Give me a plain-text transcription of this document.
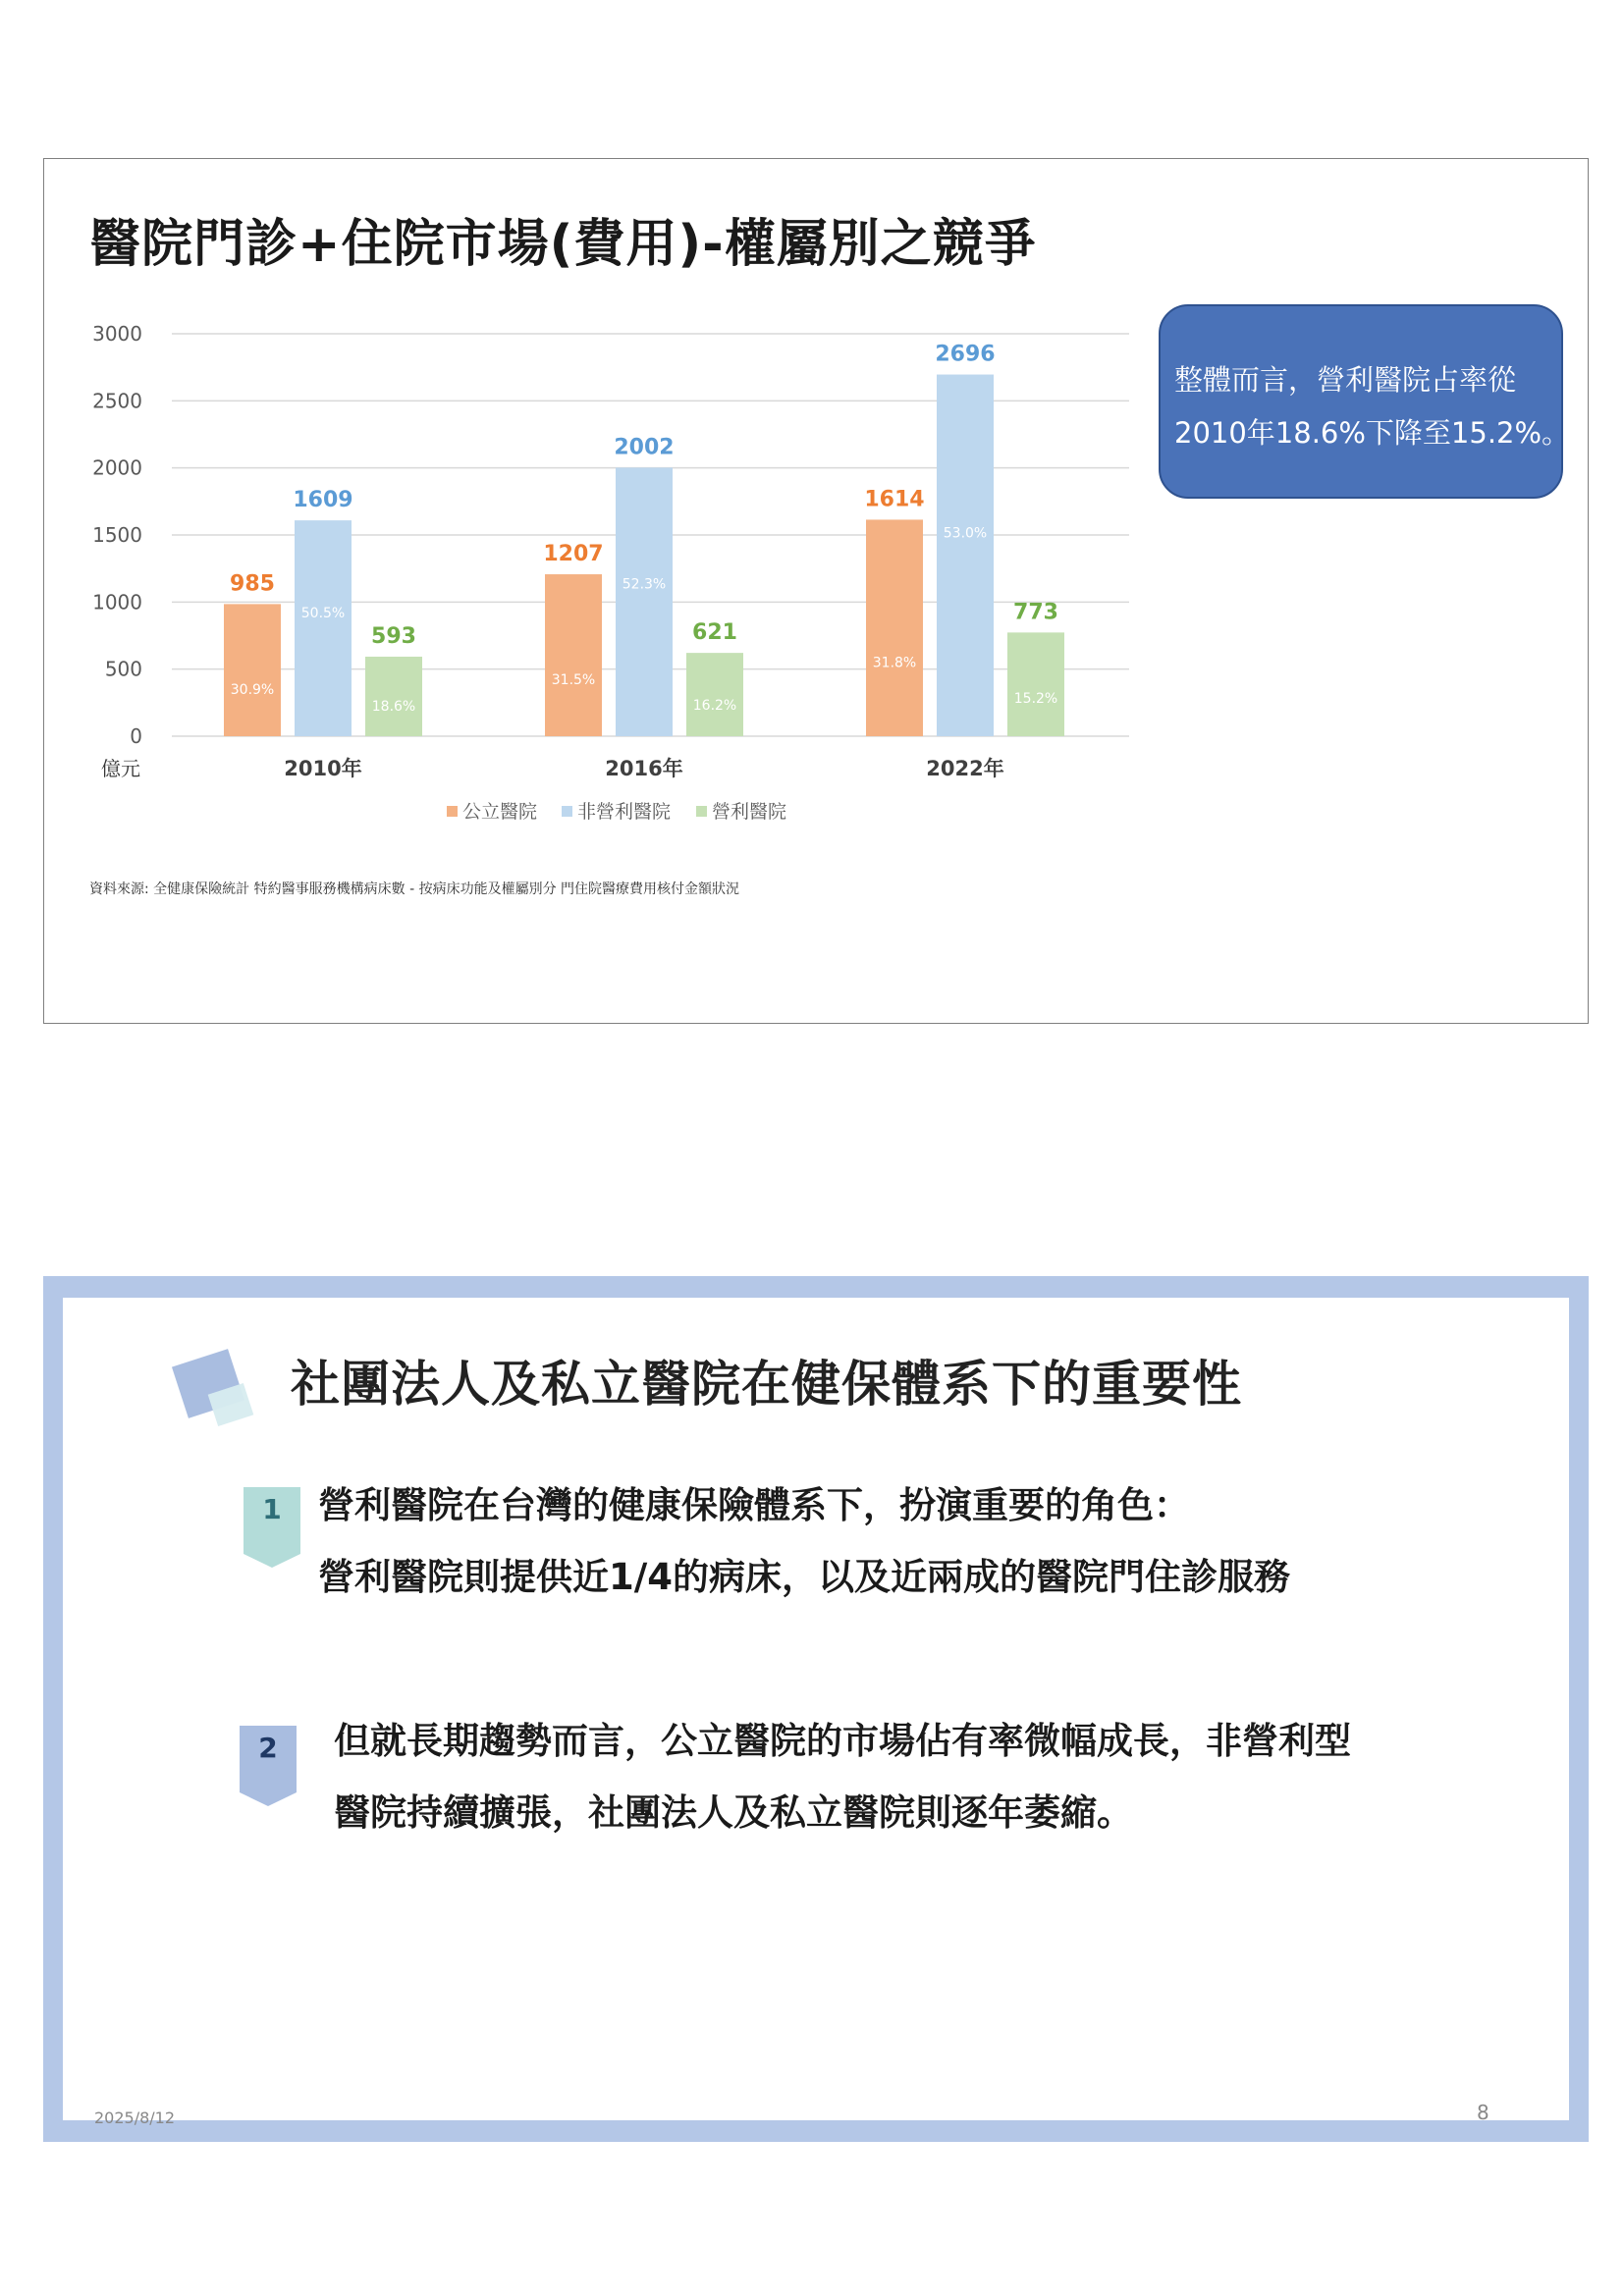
醫院門診+住院市場(費用)-權屬別之競爭
0
500
1000
1500
2000
2500
3000
億元	2010年
985
30.9%
1609
50.5%
593
18.6%
2016年
1207
31.5%
2002
52.3%
621
16.2%
2022年
1614
31.8%
2696
53.0%
773
15.2%
公立醫院 非營利醫院 營利醫院
整體而言，營利醫院占率從
2010年18.6%下降至15.2%。
資料來源: 全健康保險統計 特約醫事服務機構病床數 - 按病床功能及權屬別分 門住院醫療費用核付金額狀況
社團法人及私立醫院在健保體系下的重要性
1	營利醫院在台灣的健康保險體系下，扮演重要的角色：
營利醫院則提供近1/4的病床，以及近兩成的醫院門住診服務
2	但就長期趨勢而言，公立醫院的市場佔有率微幅成長，非營利型
醫院持續擴張，社團法人及私立醫院則逐年萎縮。
2025/8/12	8
